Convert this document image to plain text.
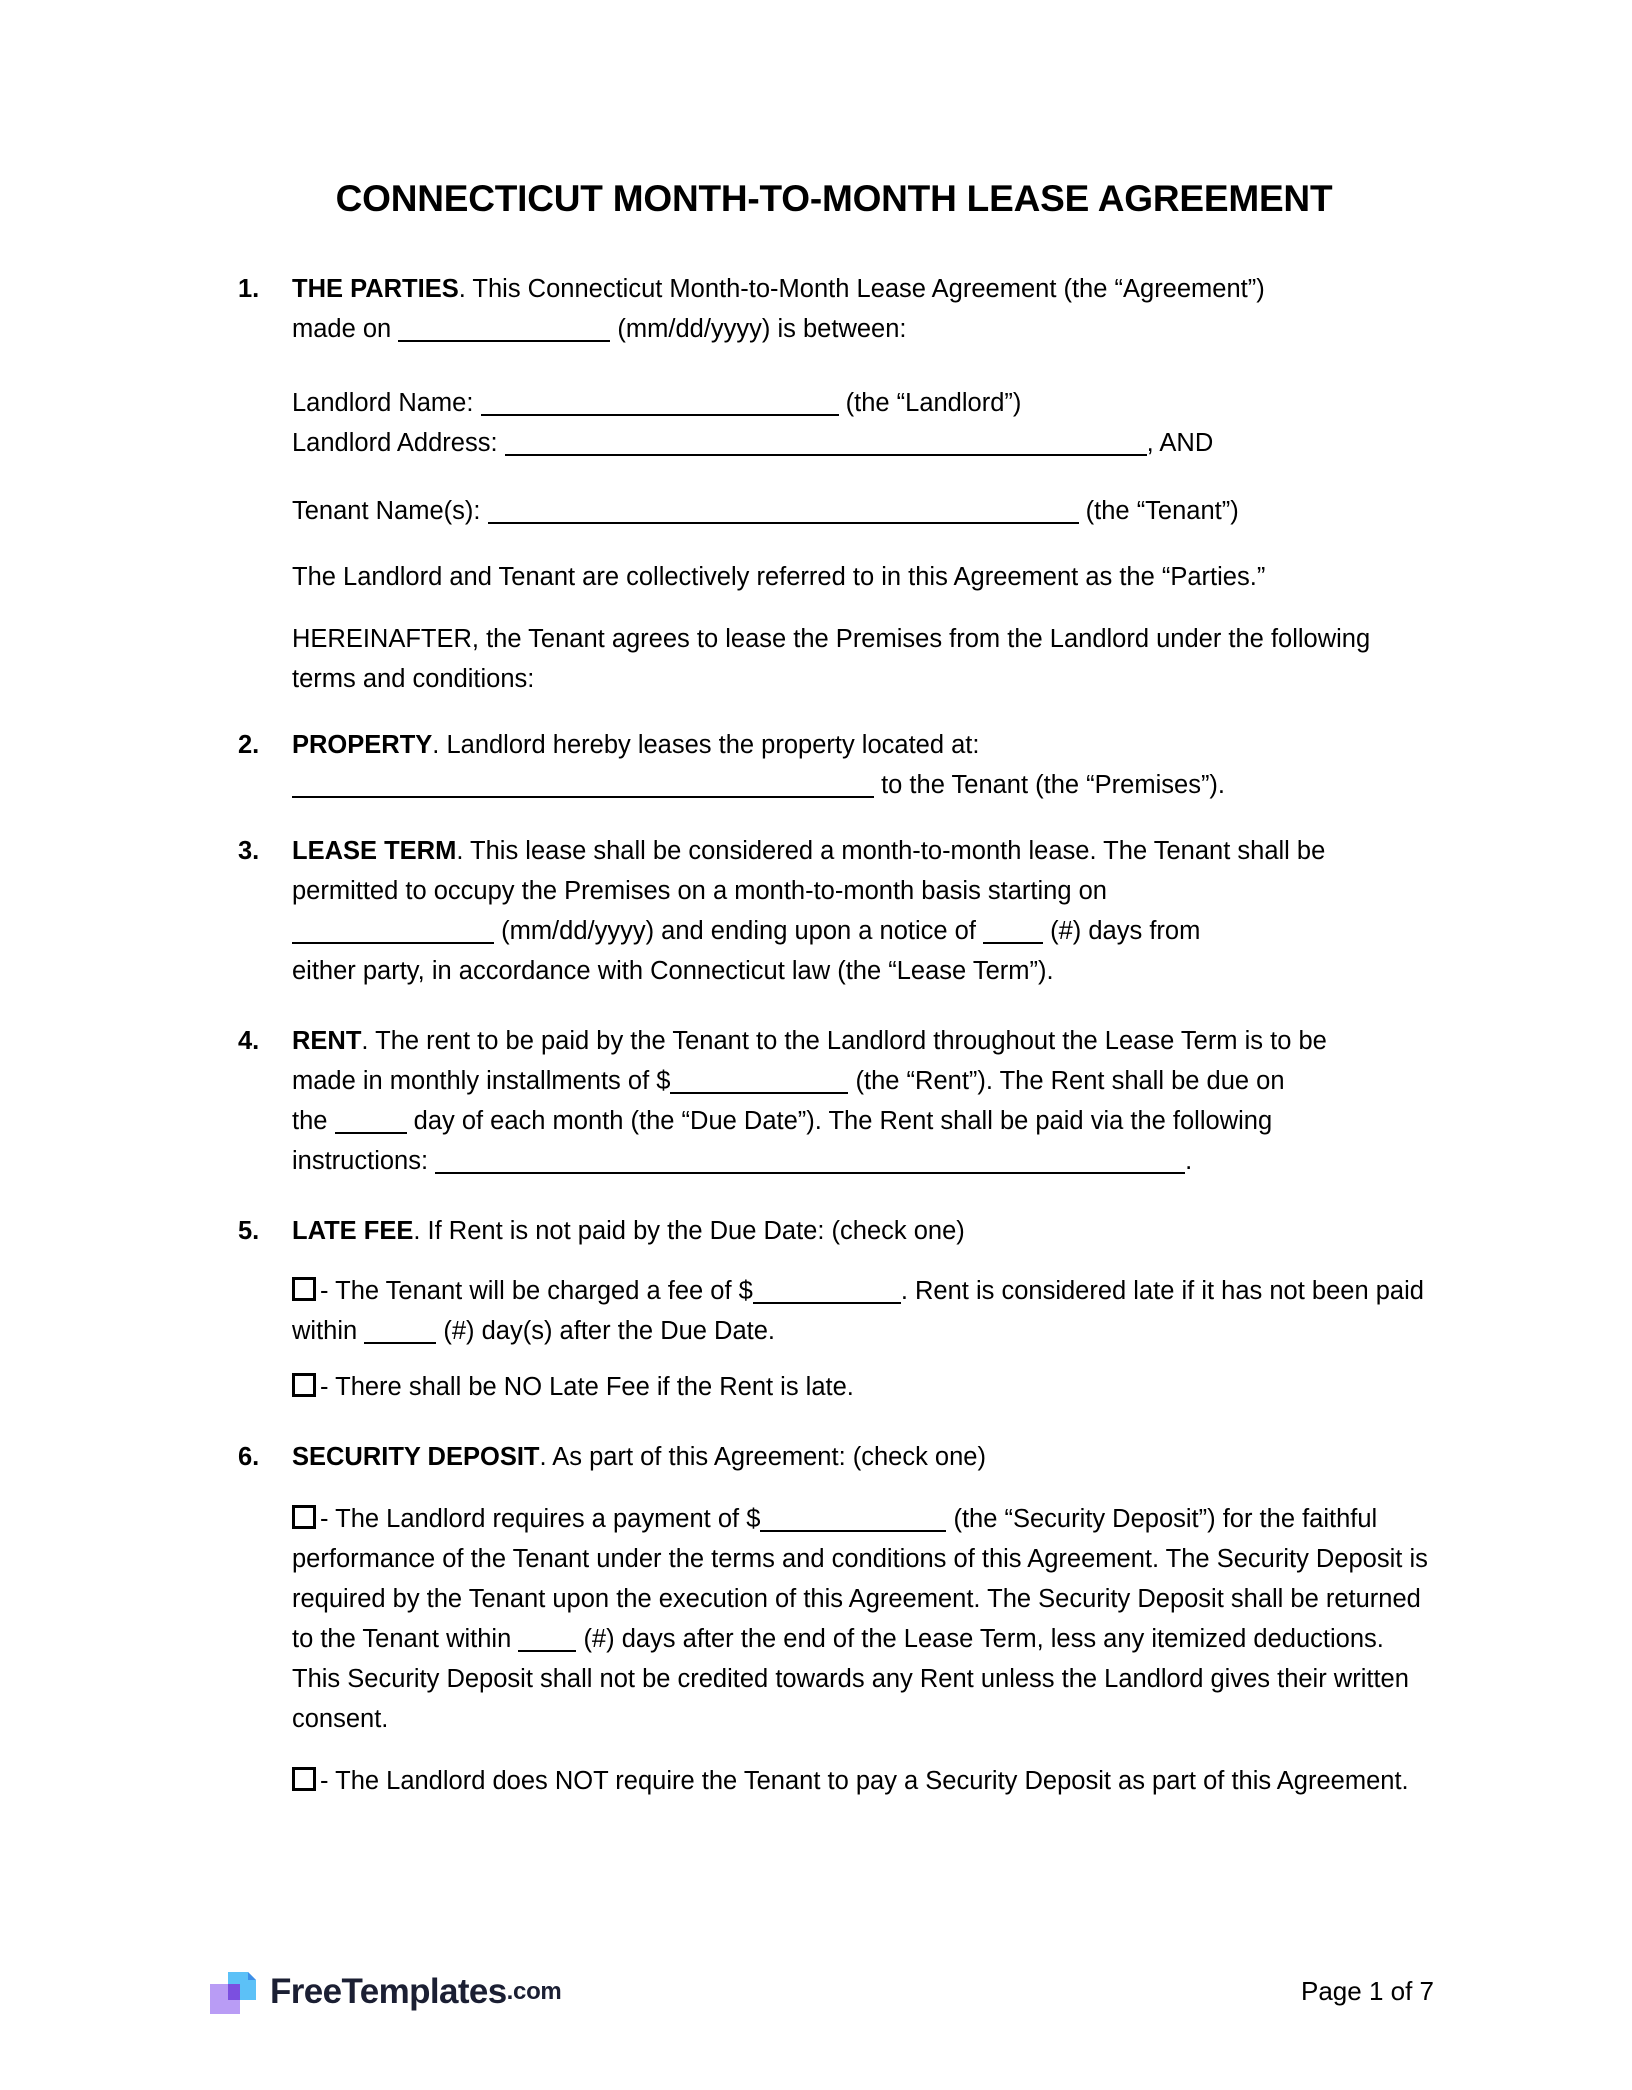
CONNECTICUT MONTH-TO-MONTH LEASE AGREEMENT
1. THE PARTIES. This Connecticut Month-to-Month Lease Agreement (the “Agreement”)
made on	(mm/dd/yyyy) is between:
Landlord Name:	(the “Landlord”)
Landlord Address:	, AND
Tenant Name(s):	(the “Tenant”)
The Landlord and Tenant are collectively referred to in this Agreement as the “Parties.”
HEREINAFTER, the Tenant agrees to lease the Premises from the Landlord under the following terms and conditions:
2. PROPERTY. Landlord hereby leases the property located at:
to the Tenant (the “Premises”).
3. LEASE TERM. This lease shall be considered a month-to-month lease. The Tenant shall be
permitted to occupy the Premises on a month-to-month basis starting on
(mm/dd/yyyy) and ending upon a notice of  (#) days from
either party, in accordance with Connecticut law (the “Lease Term”).
4. RENT. The rent to be paid by the Tenant to the Landlord throughout the Lease Term is to be
made in monthly installments of $	(the “Rent”). The Rent shall be due on
the	day of each month (the “Due Date”). The Rent shall be paid via the following
instructions:	.
5. LATE FEE. If Rent is not paid by the Due Date: (check one)
- The Tenant will be charged a fee of $	. Rent is considered late if it has not been paid within	(#) day(s) after the Due Date.
- There shall be NO Late Fee if the Rent is late.
6. SECURITY DEPOSIT. As part of this Agreement: (check one)
- The Landlord requires a payment of $	(the “Security Deposit”) for the faithful performance of the Tenant under the terms and conditions of this Agreement. The Security Deposit is required by the Tenant upon the execution of this Agreement. The Security Deposit shall be returned to the Tenant within  (#) days after the end of the Lease Term, less any itemized deductions. This Security Deposit shall not be credited towards any Rent unless the Landlord gives their written consent.
- The Landlord does NOT require the Tenant to pay a Security Deposit as part of this Agreement.
FreeTemplates .com	Page 1 of 7
